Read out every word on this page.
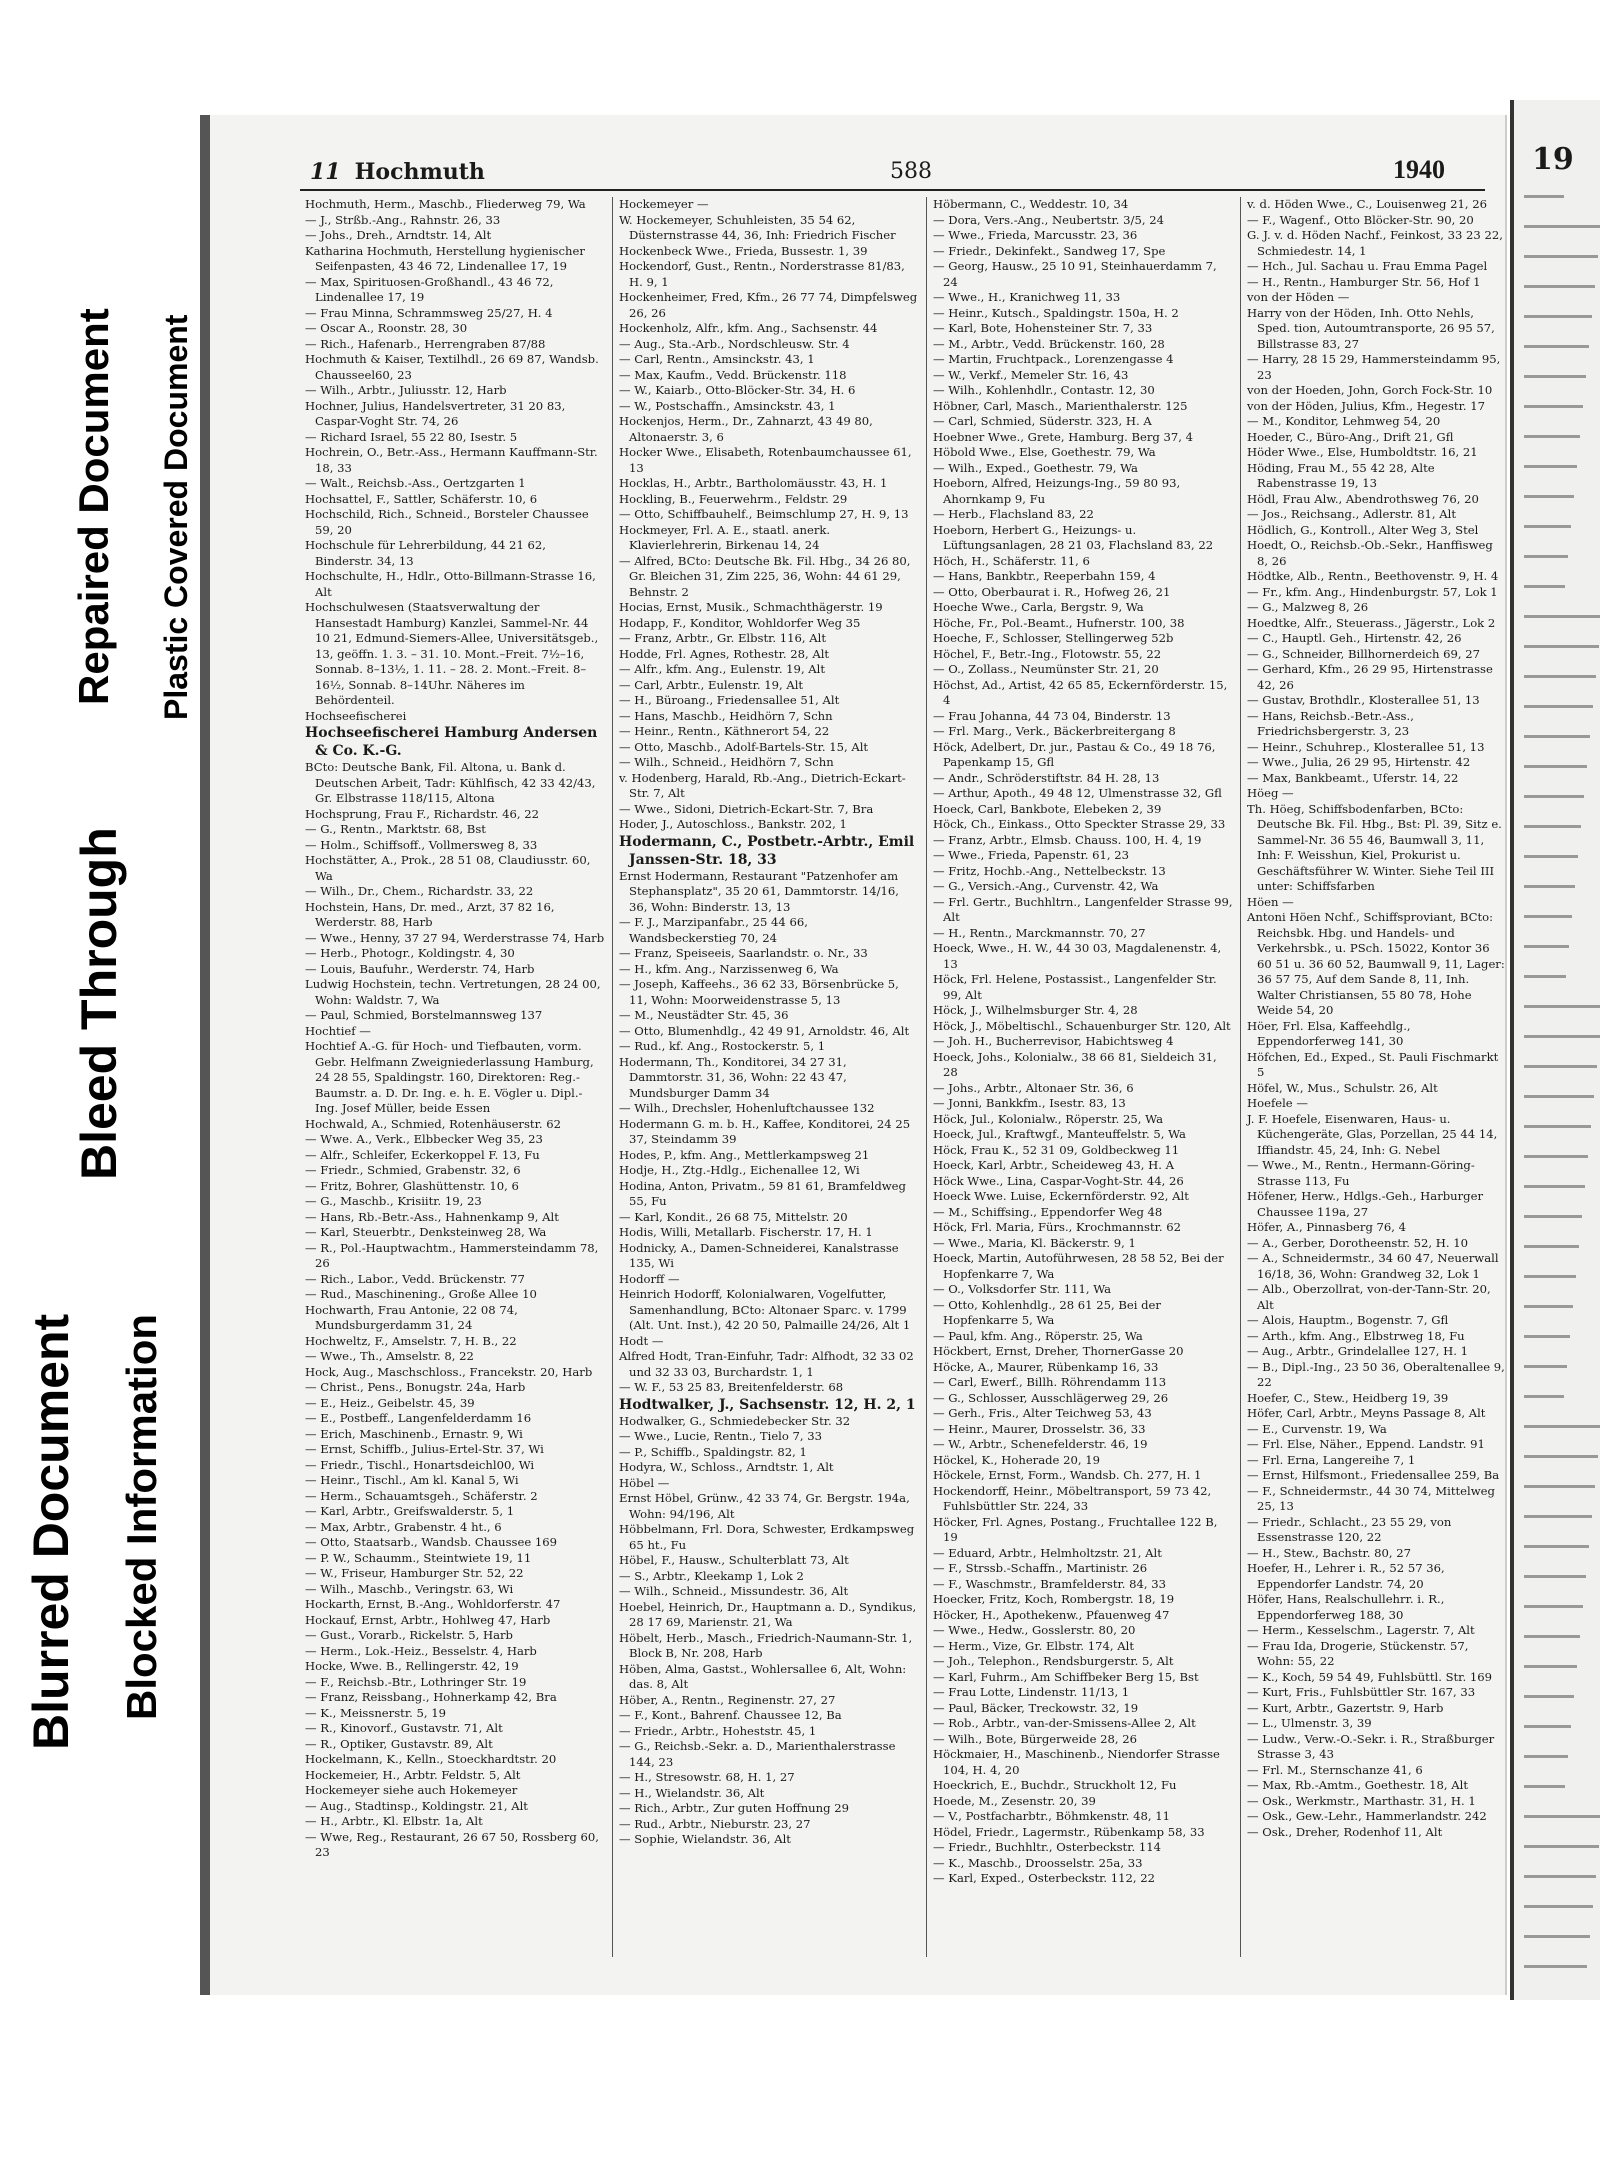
Blurred Document Blocked Information
Bleed Through
Repaired Document Plastic Covered Document
11 Hochmuth	588	1940

Hochmuth, Herm., Maschb., Fliederweg 79, Wa

— J., Strßb.-Ang., Rahnstr. 26, 33

— Johs., Dreh., Arndtstr. 14, Alt

Katharina Hochmuth, Herstellung hygienischer Seifenpasten, 43 46 72, Lindenallee 17, 19

— Max, Spirituosen-Großhandl., 43 46 72, Lindenallee 17, 19

— Frau Minna, Schrammsweg 25/27, H. 4

— Oscar A., Roonstr. 28, 30

— Rich., Hafenarb., Herrengraben 87/88

Hochmuth & Kaiser, Textilhdl., 26 69 87, Wandsb. Chausseel60, 23

— Wilh., Arbtr., Juliusstr. 12, Harb

Hochner, Julius, Handelsvertreter, 31 20 83, Caspar-Voght Str. 74, 26

— Richard Israel, 55 22 80, Isestr. 5

Hochrein, O., Betr.-Ass., Hermann Kauffmann-Str. 18, 33

— Walt., Reichsb.-Ass., Oertzgarten 1

Hochsattel, F., Sattler, Schäferstr. 10, 6

Hochschild, Rich., Schneid., Borsteler Chaussee 59, 20

Hochschule für Lehrerbildung, 44 21 62, Binderstr. 34, 13

Hochschulte, H., Hdlr., Otto-Billmann-Strasse 16, Alt

Hochschulwesen (Staatsverwaltung der Hansestadt Hamburg) Kanzlei, Sammel-Nr. 44 10 21, Edmund-Siemers-Allee, Universitätsgeb., 13, geöffn. 1. 3. – 31. 10. Mont.–Freit. 7½–16, Sonnab. 8–13½, 1. 11. – 28. 2. Mont.–Freit. 8–16½, Sonnab. 8–14Uhr. Näheres im Behördenteil.

Hochseefischerei

Hochseefischerei Hamburg Andersen & Co. K.-G.

BCto: Deutsche Bank, Fil. Altona, u. Bank d. Deutschen Arbeit, Tadr: Kühlfisch, 42 33 42/43, Gr. Elbstrasse 118/115, Altona

Hochsprung, Frau F., Richardstr. 46, 22

— G., Rentn., Marktstr. 68, Bst

— Holm., Schiffsoff., Vollmersweg 8, 33

Hochstätter, A., Prok., 28 51 08, Claudiusstr. 60, Wa

— Wilh., Dr., Chem., Richardstr. 33, 22

Hochstein, Hans, Dr. med., Arzt, 37 82 16, Werderstr. 88, Harb

— Wwe., Henny, 37 27 94, Werderstrasse 74, Harb

— Herb., Photogr., Koldingstr. 4, 30

— Louis, Baufuhr., Werderstr. 74, Harb

Ludwig Hochstein, techn. Vertretungen, 28 24 00, Wohn: Waldstr. 7, Wa

— Paul, Schmied, Borstelmannsweg 137

Hochtief —

Hochtief A.-G. für Hoch- und Tiefbauten, vorm. Gebr. Helfmann Zweigniederlassung Hamburg, 24 28 55, Spaldingstr. 160, Direktoren: Reg.-Baumstr. a. D. Dr. Ing. e. h. E. Vögler u. Dipl.-Ing. Josef Müller, beide Essen

Hochwald, A., Schmied, Rotenhäuserstr. 62

— Wwe. A., Verk., Elbbecker Weg 35, 23

— Alfr., Schleifer, Eckerkoppel F. 13, Fu

— Friedr., Schmied, Grabenstr. 32, 6

— Fritz, Bohrer, Glashüttenstr. 10, 6

— G., Maschb., Krisiitr. 19, 23

— Hans, Rb.-Betr.-Ass., Hahnenkamp 9, Alt

— Karl, Steuerbtr., Denksteinweg 28, Wa

— R., Pol.-Hauptwachtm., Hammersteindamm 78, 26

— Rich., Labor., Vedd. Brückenstr. 77

— Rud., Maschinening., Große Allee 10

Hochwarth, Frau Antonie, 22 08 74, Mundsburgerdamm 31, 24

Hochweltz, F., Amselstr. 7, H. B., 22

— Wwe., Th., Amselstr. 8, 22

Hock, Aug., Maschschloss., Francekstr. 20, Harb

— Christ., Pens., Bonugstr. 24a, Harb

— E., Heiz., Geibelstr. 45, 39

— E., Postbeff., Langenfelderdamm 16

— Erich, Maschinenb., Ernastr. 9, Wi

— Ernst, Schiffb., Julius-Ertel-Str. 37, Wi

— Friedr., Tischl., Honartsdeichl00, Wi

— Heinr., Tischl., Am kl. Kanal 5, Wi

— Herm., Schauamtsgeh., Schäferstr. 2

— Karl, Arbtr., Greifswalderstr. 5, 1

— Max, Arbtr., Grabenstr. 4 ht., 6

— Otto, Staatsarb., Wandsb. Chaussee 169

— P. W., Schaumm., Steintwiete 19, 11

— W., Friseur, Hamburger Str. 52, 22

— Wilh., Maschb., Veringstr. 63, Wi

Hockarth, Ernst, B.-Ang., Wohldorferstr. 47

Hockauf, Ernst, Arbtr., Hohlweg 47, Harb

— Gust., Vorarb., Rickelstr. 5, Harb

— Herm., Lok.-Heiz., Besselstr. 4, Harb

Hocke, Wwe. B., Rellingerstr. 42, 19

— F., Reichsb.-Btr., Lothringer Str. 19

— Franz, Reissbang., Hohnerkamp 42, Bra

— K., Meissnerstr. 5, 19

— R., Kinovorf., Gustavstr. 71, Alt

— R., Optiker, Gustavstr. 89, Alt

Hockelmann, K., Kelln., Stoeckhardtstr. 20

Hockemeier, H., Arbtr. Feldstr. 5, Alt

Hockemeyer siehe auch Hokemeyer

— Aug., Stadtinsp., Koldingstr. 21, Alt

— H., Arbtr., Kl. Elbstr. 1a, Alt

— Wwe, Reg., Restaurant, 26 67 50, Rossberg 60, 23

Hockemeyer —

W. Hockemeyer, Schuhleisten, 35 54 62, Düsternstrasse 44, 36, Inh: Friedrich Fischer

Hockenbeck Wwe., Frieda, Bussestr. 1, 39

Hockendorf, Gust., Rentn., Norderstrasse 81/83, H. 9, 1

Hockenheimer, Fred, Kfm., 26 77 74, Dimpfelsweg 26, 26

Hockenholz, Alfr., kfm. Ang., Sachsenstr. 44

— Aug., Sta.-Arb., Nordschleusw. Str. 4

— Carl, Rentn., Amsinckstr. 43, 1

— Max, Kaufm., Vedd. Brückenstr. 118

— W., Kaiarb., Otto-Blöcker-Str. 34, H. 6

— W., Postschaffn., Amsinckstr. 43, 1

Hockenjos, Herm., Dr., Zahnarzt, 43 49 80, Altonaerstr. 3, 6

Hocker Wwe., Elisabeth, Rotenbaumchaussee 61, 13

Hocklas, H., Arbtr., Bartholomäusstr. 43, H. 1

Hockling, B., Feuerwehrm., Feldstr. 29

— Otto, Schiffbauhelf., Beimschlump 27, H. 9, 13

Hockmeyer, Frl. A. E., staatl. anerk. Klavierlehrerin, Birkenau 14, 24

— Alfred, BCto: Deutsche Bk. Fil. Hbg., 34 26 80, Gr. Bleichen 31, Zim 225, 36, Wohn: 44 61 29, Behnstr. 2

Hocias, Ernst, Musik., Schmachthägerstr. 19

Hodapp, F., Konditor, Wohldorfer Weg 35

— Franz, Arbtr., Gr. Elbstr. 116, Alt

Hodde, Frl. Agnes, Rothestr. 28, Alt

— Alfr., kfm. Ang., Eulenstr. 19, Alt

— Carl, Arbtr., Eulenstr. 19, Alt

— H., Büroang., Friedensallee 51, Alt

— Hans, Maschb., Heidhörn 7, Schn

— Heinr., Rentn., Käthnerort 54, 22

— Otto, Maschb., Adolf-Bartels-Str. 15, Alt

— Wilh., Schneid., Heidhörn 7, Schn

v. Hodenberg, Harald, Rb.-Ang., Dietrich-Eckart-Str. 7, Alt

— Wwe., Sidoni, Dietrich-Eckart-Str. 7, Bra

Hoder, J., Autoschloss., Bankstr. 202, 1

Hodermann, C., Postbetr.-Arbtr., Emil Janssen-Str. 18, 33

Ernst Hodermann, Restaurant "Patzenhofer am Stephansplatz", 35 20 61, Dammtorstr. 14/16, 36, Wohn: Binderstr. 13, 13

— F. J., Marzipanfabr., 25 44 66, Wandsbeckerstieg 70, 24

— Franz, Speiseeis, Saarlandstr. o. Nr., 33

— H., kfm. Ang., Narzissenweg 6, Wa

— Joseph, Kaffeehs., 36 62 33, Börsenbrücke 5, 11, Wohn: Moorweidenstrasse 5, 13

— M., Neustädter Str. 45, 36

— Otto, Blumenhdlg., 42 49 91, Arnoldstr. 46, Alt

— Rud., kf. Ang., Rostockerstr. 5, 1

Hodermann, Th., Konditorei, 34 27 31, Dammtorstr. 31, 36, Wohn: 22 43 47, Mundsburger Damm 34

— Wilh., Drechsler, Hohenluftchaussee 132

Hodermann G. m. b. H., Kaffee, Konditorei, 24 25 37, Steindamm 39

Hodes, P., kfm. Ang., Mettlerkampsweg 21

Hodje, H., Ztg.-Hdlg., Eichenallee 12, Wi

Hodina, Anton, Privatm., 59 81 61, Bramfeldweg 55, Fu

— Karl, Kondit., 26 68 75, Mittelstr. 20

Hodis, Willi, Metallarb. Fischerstr. 17, H. 1

Hodnicky, A., Damen-Schneiderei, Kanalstrasse 135, Wi

Hodorff —

Heinrich Hodorff, Kolonialwaren, Vogelfutter, Samenhandlung, BCto: Altonaer Sparc. v. 1799 (Alt. Unt. Inst.), 42 20 50, Palmaille 24/26, Alt 1

Hodt —

Alfred Hodt, Tran-Einfuhr, Tadr: Alfhodt, 32 33 02 und 32 33 03, Burchardstr. 1, 1

— W. F., 53 25 83, Breitenfelderstr. 68

Hodtwalker, J., Sachsenstr. 12, H. 2, 1

Hodwalker, G., Schmiedebecker Str. 32

— Wwe., Lucie, Rentn., Tielo 7, 33

— P., Schiffb., Spaldingstr. 82, 1

Hodyra, W., Schloss., Arndtstr. 1, Alt

Höbel —

Ernst Höbel, Grünw., 42 33 74, Gr. Bergstr. 194a, Wohn: 94/196, Alt

Höbbelmann, Frl. Dora, Schwester, Erdkampsweg 65 ht., Fu

Höbel, F., Hausw., Schulterblatt 73, Alt

— S., Arbtr., Kleekamp 1, Lok 2

— Wilh., Schneid., Missundestr. 36, Alt

Hoebel, Heinrich, Dr., Hauptmann a. D., Syndikus, 28 17 69, Marienstr. 21, Wa

Höbelt, Herb., Masch., Friedrich-Naumann-Str. 1, Block B, Nr. 208, Harb

Höben, Alma, Gastst., Wohlersallee 6, Alt, Wohn: das. 8, Alt

Höber, A., Rentn., Reginenstr. 27, 27

— F., Kont., Bahrenf. Chaussee 12, Ba

— Friedr., Arbtr., Hoheststr. 45, 1

— G., Reichsb.-Sekr. a. D., Marienthalerstrasse 144, 23

— H., Stresowstr. 68, H. 1, 27

— H., Wielandstr. 36, Alt

— Rich., Arbtr., Zur guten Hoffnung 29

— Rud., Arbtr., Nieburstr. 23, 27

— Sophie, Wielandstr. 36, Alt

Höbermann, C., Weddestr. 10, 34

— Dora, Vers.-Ang., Neubertstr. 3/5, 24

— Wwe., Frieda, Marcusstr. 23, 36

— Friedr., Dekinfekt., Sandweg 17, Spe

— Georg, Hausw., 25 10 91, Steinhauerdamm 7, 24

— Wwe., H., Kranichweg 11, 33

— Heinr., Kutsch., Spaldingstr. 150a, H. 2

— Karl, Bote, Hohensteiner Str. 7, 33

— M., Arbtr., Vedd. Brückenstr. 160, 28

— Martin, Fruchtpack., Lorenzengasse 4

— W., Verkf., Memeler Str. 16, 43

— Wilh., Kohlenhdlr., Contastr. 12, 30

Höbner, Carl, Masch., Marienthalerstr. 125

— Carl, Schmied, Süderstr. 323, H. A

Hoebner Wwe., Grete, Hamburg. Berg 37, 4

Höbold Wwe., Else, Goethestr. 79, Wa

— Wilh., Exped., Goethestr. 79, Wa

Hoeborn, Alfred, Heizungs-Ing., 59 80 93, Ahornkamp 9, Fu

— Herb., Flachsland 83, 22

Hoeborn, Herbert G., Heizungs- u. Lüftungsanlagen, 28 21 03, Flachsland 83, 22

Höch, H., Schäferstr. 11, 6

— Hans, Bankbtr., Reeperbahn 159, 4

— Otto, Oberbaurat i. R., Hofweg 26, 21

Hoeche Wwe., Carla, Bergstr. 9, Wa

Höche, Fr., Pol.-Beamt., Hufnerstr. 100, 38

Hoeche, F., Schlosser, Stellingerweg 52b

Höchel, F., Betr.-Ing., Flotowstr. 55, 22

— O., Zollass., Neumünster Str. 21, 20

Höchst, Ad., Artist, 42 65 85, Eckernförderstr. 15, 4

— Frau Johanna, 44 73 04, Binderstr. 13

— Frl. Marg., Verk., Bäckerbreitergang 8

Höck, Adelbert, Dr. jur., Pastau & Co., 49 18 76, Papenkamp 15, Gfl

— Andr., Schröderstiftstr. 84 H. 28, 13

— Arthur, Apoth., 49 48 12, Ulmenstrasse 32, Gfl

Hoeck, Carl, Bankbote, Elebeken 2, 39

Höck, Ch., Einkass., Otto Speckter Strasse 29, 33

— Franz, Arbtr., Elmsb. Chauss. 100, H. 4, 19

— Wwe., Frieda, Papenstr. 61, 23

— Fritz, Hochb.-Ang., Nettelbeckstr. 13

— G., Versich.-Ang., Curvenstr. 42, Wa

— Frl. Gertr., Buchhltrn., Langenfelder Strasse 99, Alt

— H., Rentn., Marckmannstr. 70, 27

Hoeck, Wwe., H. W., 44 30 03, Magdalenenstr. 4, 13

Höck, Frl. Helene, Postassist., Langenfelder Str. 99, Alt

Höck, J., Wilhelmsburger Str. 4, 28

Höck, J., Möbeltischl., Schauenburger Str. 120, Alt

— Joh. H., Bucherrevisor, Habichtsweg 4

Hoeck, Johs., Kolonialw., 38 66 81, Sieldeich 31, 28

— Johs., Arbtr., Altonaer Str. 36, 6

— Jonni, Bankkfm., Isestr. 83, 13

Höck, Jul., Kolonialw., Röperstr. 25, Wa

Hoeck, Jul., Kraftwgf., Manteuffelstr. 5, Wa

Höck, Frau K., 52 31 09, Goldbeckweg 11

Hoeck, Karl, Arbtr., Scheideweg 43, H. A

Höck Wwe., Lina, Caspar-Voght-Str. 44, 26

Hoeck Wwe. Luise, Eckernförderstr. 92, Alt

— M., Schiffsing., Eppendorfer Weg 48

Höck, Frl. Maria, Fürs., Krochmannstr. 62

— Wwe., Maria, Kl. Bäckerstr. 9, 1

Hoeck, Martin, Autoführwesen, 28 58 52, Bei der Hopfenkarre 7, Wa

— O., Volksdorfer Str. 111, Wa

— Otto, Kohlenhdlg., 28 61 25, Bei der Hopfenkarre 5, Wa

— Paul, kfm. Ang., Röperstr. 25, Wa

Höckbert, Ernst, Dreher, ThornerGasse 20

Höcke, A., Maurer, Rübenkamp 16, 33

— Carl, Ewerf., Billh. Röhrendamm 113

— G., Schlosser, Ausschlägerweg 29, 26

— Gerh., Fris., Alter Teichweg 53, 43

— Heinr., Maurer, Drosselstr. 36, 33

— W., Arbtr., Schenefelderstr. 46, 19

Höckel, K., Hoherade 20, 19

Höckele, Ernst, Form., Wandsb. Ch. 277, H. 1

Hockendorff, Heinr., Möbeltransport, 59 73 42, Fuhlsbüttler Str. 224, 33

Höcker, Frl. Agnes, Postang., Fruchtallee 122 B, 19

— Eduard, Arbtr., Helmholtzstr. 21, Alt

— F., Strssb.-Schaffn., Martinistr. 26

— F., Waschmstr., Bramfelderstr. 84, 33

Hoecker, Fritz, Koch, Rombergstr. 18, 19

Höcker, H., Apothekenw., Pfauenweg 47

— Wwe., Hedw., Gosslerstr. 80, 20

— Herm., Vize, Gr. Elbstr. 174, Alt

— Joh., Telephon., Rendsburgerstr. 5, Alt

— Karl, Fuhrm., Am Schiffbeker Berg 15, Bst

— Frau Lotte, Lindenstr. 11/13, 1

— Paul, Bäcker, Treckowstr. 32, 19

— Rob., Arbtr., van-der-Smissens-Allee 2, Alt

— Wilh., Bote, Bürgerweide 28, 26

Höckmaier, H., Maschinenb., Niendorfer Strasse 104, H. 4, 20

Hoeckrich, E., Buchdr., Struckholt 12, Fu

Hoede, M., Zesenstr. 20, 39

— V., Postfacharbtr., Böhmkenstr. 48, 11

Hödel, Friedr., Lagermstr., Rübenkamp 58, 33

— Friedr., Buchhltr., Osterbeckstr. 114

— K., Maschb., Droosselstr. 25a, 33

— Karl, Exped., Osterbeckstr. 112, 22

v. d. Höden Wwe., C., Louisenweg 21, 26

— F., Wagenf., Otto Blöcker-Str. 90, 20

G. J. v. d. Höden Nachf., Feinkost, 33 23 22, Schmiedestr. 14, 1

— Hch., Jul. Sachau u. Frau Emma Pagel

— H., Rentn., Hamburger Str. 56, Hof 1

von der Höden —

Harry von der Höden, Inh. Otto Nehls, Sped. tion, Autoumtransporte, 26 95 57, Billstrasse 83, 27

— Harry, 28 15 29, Hammersteindamm 95, 23

von der Hoeden, John, Gorch Fock-Str. 10

von der Höden, Julius, Kfm., Hegestr. 17

— M., Konditor, Lehmweg 54, 20

Hoeder, C., Büro-Ang., Drift 21, Gfl

Höder Wwe., Else, Humboldtstr. 16, 21

Höding, Frau M., 55 42 28, Alte Rabenstrasse 19, 13

Hödl, Frau Alw., Abendrothsweg 76, 20

— Jos., Reichsang., Adlerstr. 81, Alt

Hödlich, G., Kontroll., Alter Weg 3, Stel

Hoedt, O., Reichsb.-Ob.-Sekr., Hanffisweg 8, 26

Hödtke, Alb., Rentn., Beethovenstr. 9, H. 4

— Fr., kfm. Ang., Hindenburgstr. 57, Lok 1

— G., Malzweg 8, 26

Hoedtke, Alfr., Steuerass., Jägerstr., Lok 2

— C., Hauptl. Geh., Hirtenstr. 42, 26

— G., Schneider, Billhornerdeich 69, 27

— Gerhard, Kfm., 26 29 95, Hirtenstrasse 42, 26

— Gustav, Brothdlr., Klosterallee 51, 13

— Hans, Reichsb.-Betr.-Ass., Friedrichsbergerstr. 3, 23

— Heinr., Schuhrep., Klosterallee 51, 13

— Wwe., Julia, 26 29 95, Hirtenstr. 42

— Max, Bankbeamt., Uferstr. 14, 22

Höeg —

Th. Höeg, Schiffsbodenfarben, BCto: Deutsche Bk. Fil. Hbg., Bst: Pl. 39, Sitz e. Sammel-Nr. 36 55 46, Baumwall 3, 11, Inh: F. Weisshun, Kiel, Prokurist u. Geschäftsführer W. Winter. Siehe Teil III unter: Schiffsfarben

Höen —

Antoni Höen Nchf., Schiffsproviant, BCto: Reichsbk. Hbg. und Handels- und Verkehrsbk., u. PSch. 15022, Kontor 36 60 51 u. 36 60 52, Baumwall 9, 11, Lager: 36 57 75, Auf dem Sande 8, 11, Inh. Walter Christiansen, 55 80 78, Hohe Weide 54, 20

Höer, Frl. Elsa, Kaffeehdlg., Eppendorferweg 141, 30

Höfchen, Ed., Exped., St. Pauli Fischmarkt 5

Höfel, W., Mus., Schulstr. 26, Alt

Hoefele —

J. F. Hoefele, Eisenwaren, Haus- u. Küchengeräte, Glas, Porzellan, 25 44 14, Iffiandstr. 45, 24, Inh: G. Nebel

— Wwe., M., Rentn., Hermann-Göring-Strasse 113, Fu

Höfener, Herw., Hdlgs.-Geh., Harburger Chaussee 119a, 27

Höfer, A., Pinnasberg 76, 4

— A., Gerber, Dorotheenstr. 52, H. 10

— A., Schneidermstr., 34 60 47, Neuerwall 16/18, 36, Wohn: Grandweg 32, Lok 1

— Alb., Oberzollrat, von-der-Tann-Str. 20, Alt

— Alois, Hauptm., Bogenstr. 7, Gfl

— Arth., kfm. Ang., Elbstrweg 18, Fu

— Aug., Arbtr., Grindelallee 127, H. 1

— B., Dipl.-Ing., 23 50 36, Oberaltenallee 9, 22

Hoefer, C., Stew., Heidberg 19, 39

Höfer, Carl, Arbtr., Meyns Passage 8, Alt

— E., Curvenstr. 19, Wa

— Frl. Else, Näher., Eppend. Landstr. 91

— Frl. Erna, Langereihe 7, 1

— Ernst, Hilfsmont., Friedensallee 259, Ba

— F., Schneidermstr., 44 30 74, Mittelweg 25, 13

— Friedr., Schlacht., 23 55 29, von Essenstrasse 120, 22

— H., Stew., Bachstr. 80, 27

Hoefer, H., Lehrer i. R., 52 57 36, Eppendorfer Landstr. 74, 20

Höfer, Hans, Realschullehrr. i. R., Eppendorferweg 188, 30

— Herm., Kesselschm., Lagerstr. 7, Alt

— Frau Ida, Drogerie, Stückenstr. 57, Wohn: 55, 22

— K., Koch, 59 54 49, Fuhlsbüttl. Str. 169

— Kurt, Fris., Fuhlsbüttler Str. 167, 33

— Kurt, Arbtr., Gazertstr. 9, Harb

— L., Ulmenstr. 3, 39

— Ludw., Verw.-O.-Sekr. i. R., Straßburger Strasse 3, 43

— Frl. M., Sternschanze 41, 6

— Max, Rb.-Amtm., Goethestr. 18, Alt

— Osk., Werkmstr., Marthastr. 31, H. 1

— Osk., Gew.-Lehr., Hammerlandstr. 242

— Osk., Dreher, Rodenhof 11, Alt

19
